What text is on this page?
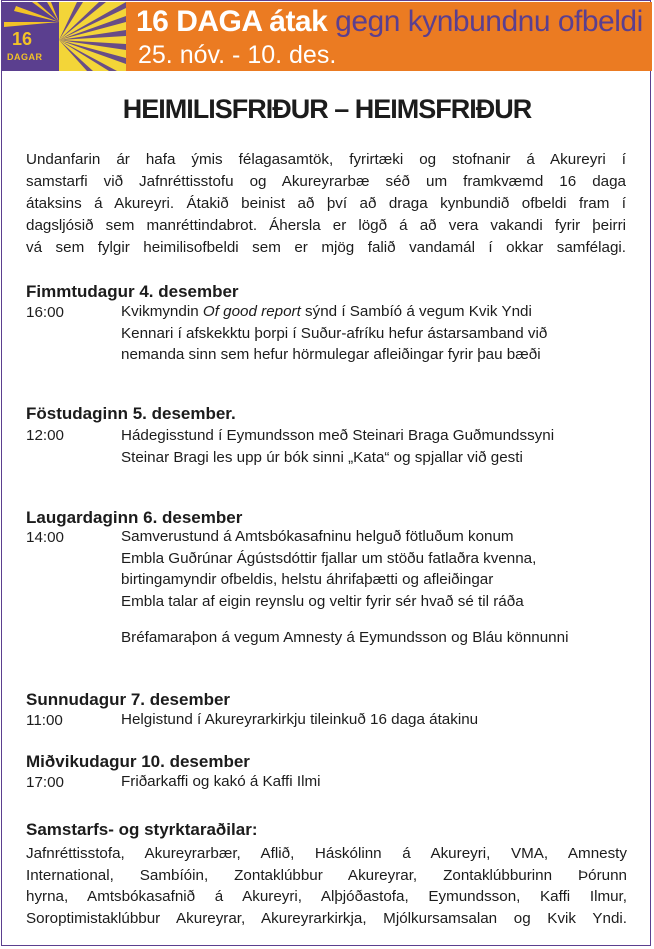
16
DAGAR
16 DAGA átak gegn kynbundnu ofbeldi
25. nóv. - 10. des.
HEIMILISFRIÐUR – HEIMSFRIÐUR
Undanfarin ár hafa ýmis félagasamtök, fyrirtæki og stofnanir á Akureyri í
samstarfi við Jafnréttisstofu og Akureyrarbæ séð um framkvæmd 16 daga
átaksins á Akureyri. Átakið beinist að því að draga kynbundið ofbeldi fram í
dagsljósið sem manréttindabrot. Áhersla er lögð á að vera vakandi fyrir þeirri
vá sem fylgir heimilisofbeldi sem er mjög falið vandamál í okkar samfélagi.
Fimmtudagur 4. desember
16:00	Kvikmyndin Of good report sýnd í Sambíó á vegum Kvik Yndi
Kennari í afskekktu þorpi í Suður-afríku hefur ástarsamband við
nemanda sinn sem hefur hörmulegar afleiðingar fyrir þau bæði
Föstudaginn 5. desember.
12:00	Hádegisstund í Eymundsson með Steinari Braga Guðmundssyni
Steinar Bragi les upp úr bók sinni „Kata“ og spjallar við gesti
Laugardaginn 6. desember
14:00	Samverustund á Amtsbókasafninu helguð fötluðum konum
Embla Guðrúnar Ágústsdóttir fjallar um stöðu fatlaðra kvenna,
birtingamyndir ofbeldis, helstu áhrifaþætti og afleiðingar
Embla talar af eigin reynslu og veltir fyrir sér hvað sé til ráða
Bréfamaraþon á vegum Amnesty á Eymundsson og Bláu könnunni
Sunnudagur 7. desember
11:00	Helgistund í Akureyrarkirkju tileinkuð 16 daga átakinu
Miðvikudagur 10. desember
17:00	Friðarkaffi og kakó á Kaffi Ilmi
Samstarfs- og styrktaraðilar:
Jafnréttisstofa, Akureyrarbær, Aflið, Háskólinn á Akureyri, VMA, Amnesty
International, Sambíóin, Zontaklúbbur Akureyrar, Zontaklúbburinn Þórunn
hyrna, Amtsbókasafnið á Akureyri, Alþjóðastofa, Eymundsson, Kaffi Ilmur,
Soroptimistaklúbbur Akureyrar, Akureyrarkirkja, Mjólkursamsalan og Kvik Yndi.
